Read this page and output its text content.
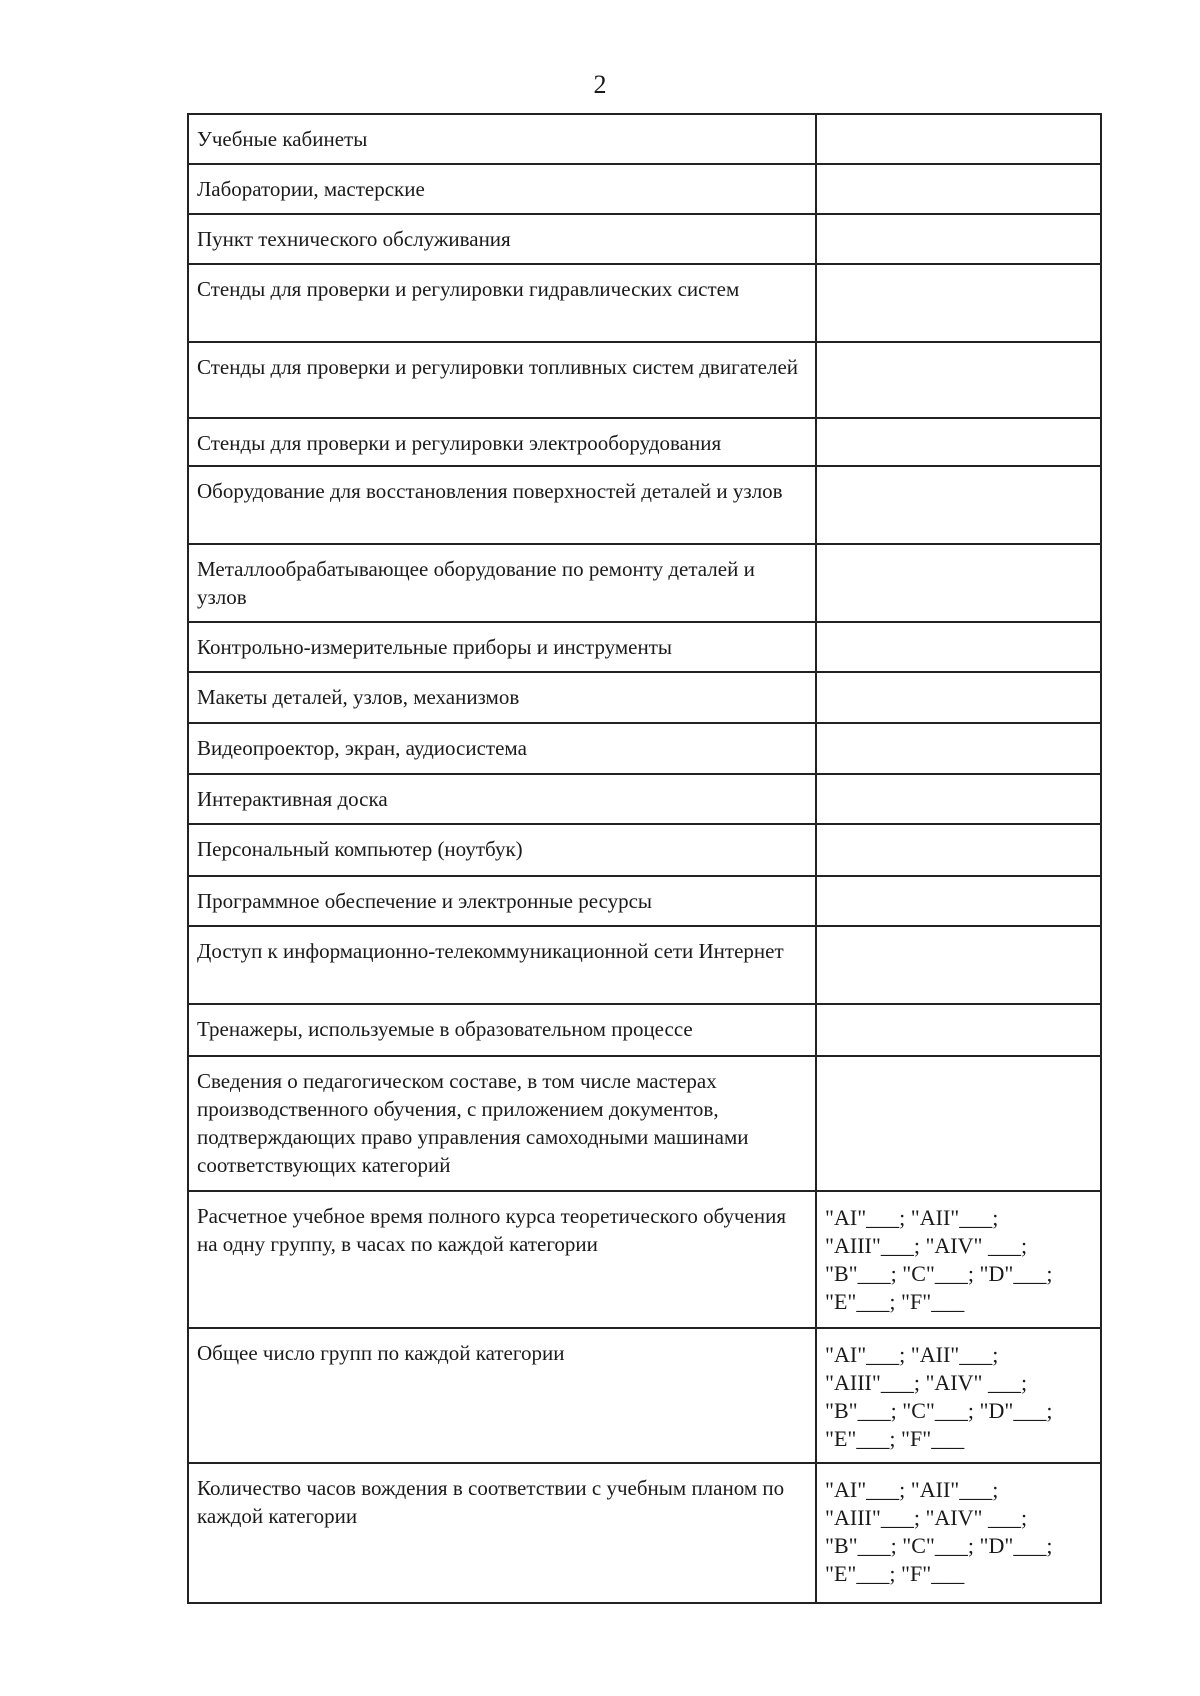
2
Учебные кабинеты	
Лаборатории, мастерские	
Пункт технического обслуживания	
Стенды для проверки и регулировки гидравлических систем	
Стенды для проверки и регулировки топливных систем двигателей	
Стенды для проверки и регулировки электрооборудования	
Оборудование для восстановления поверхностей деталей и узлов	
Металлообрабатывающее оборудование по ремонту деталей и узлов	
Контрольно-измерительные приборы и инструменты	
Макеты деталей, узлов, механизмов	
Видеопроектор, экран, аудиосистема	
Интерактивная доска	
Персональный компьютер (ноутбук)	
Программное обеспечение и электронные ресурсы	
Доступ к информационно-телекоммуникационной сети Интернет	
Тренажеры, используемые в образовательном процессе	
Сведения о педагогическом составе, в том числе мастерах производственного обучения, с приложением документов, подтверждающих право управления самоходными машинами соответствующих категорий	
Расчетное учебное время полного курса теоретического обучения на одну группу, в часах по каждой категории	"AI"___; "AII"___;
"AIII"___; "AIV" ___;
"B"___; "C"___; "D"___;
"E"___; "F"___

Общее число групп по каждой категории	"AI"___; "AII"___;
"AIII"___; "AIV" ___;
"B"___; "C"___; "D"___;
"E"___; "F"___

Количество часов вождения в соответствии с учебным планом по каждой категории	"AI"___; "AII"___;
"AIII"___; "AIV" ___;
"B"___; "C"___; "D"___;
"E"___; "F"___
